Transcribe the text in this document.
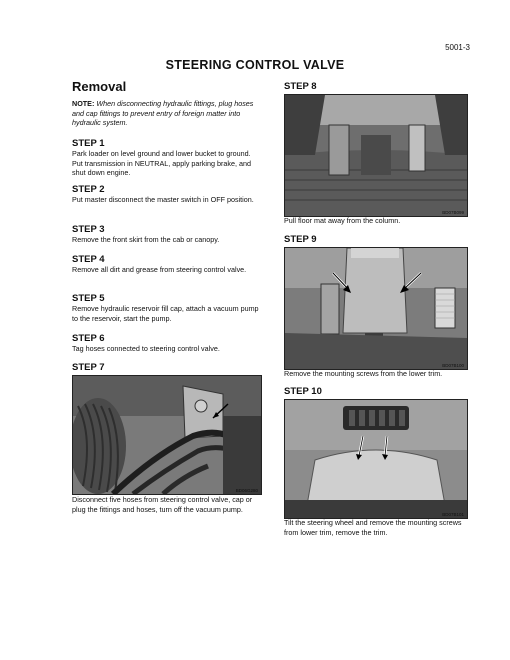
5001-3
STEERING CONTROL VALVE
Removal
NOTE: When disconnecting hydraulic fittings, plug hoses and cap fittings to prevent entry of foreign matter into hydraulic system.
STEP 1
Park loader on level ground and lower bucket to ground. Put transmission in NEUTRAL, apply parking brake, and shut down engine.
STEP 2
Put master disconnect the master switch in OFF position.
STEP 3
Remove the front skirt from the cab or canopy.
STEP 4
Remove all dirt and grease from steering control valve.
STEP 5
Remove hydraulic reservoir fill cap, attach a vacuum pump to the reservoir, start the pump.
STEP 6
Tag hoses connected to steering control valve.
STEP 7
BD06G280
Disconnect five hoses from steering control valve, cap or plug the fittings and hoses, turn off the vacuum pump.
STEP 8
BD07B099
Pull floor mat away from the column.
STEP 9
BD07B100
Remove the mounting screws from the lower trim.
STEP 10
BD07B101
Tilt the steering wheel and remove the mounting screws from lower trim, remove the trim.
